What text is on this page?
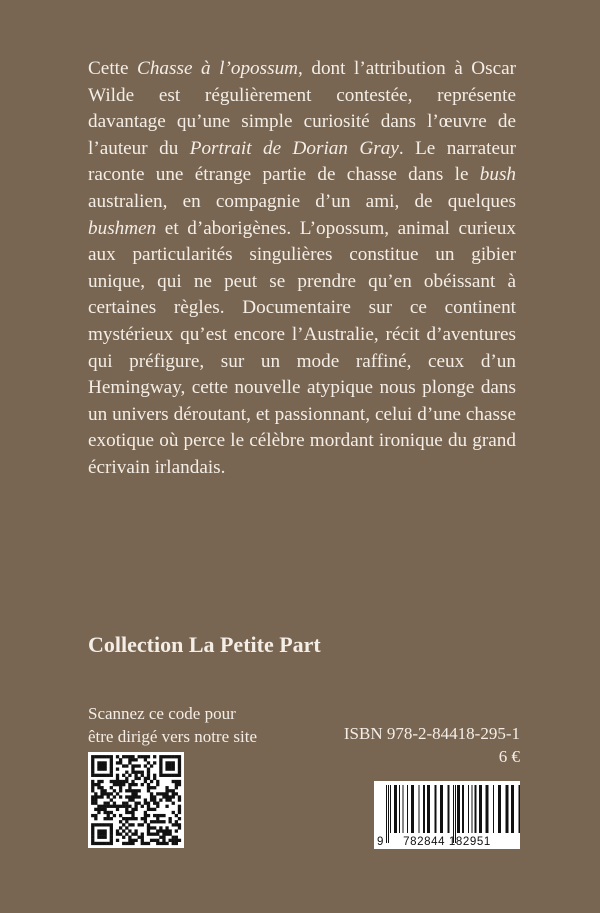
Cette Chasse à l’opossum, dont l’attribution à Oscar Wilde est régulièrement contestée, représente davantage qu’une simple curiosité dans l’œuvre de l’auteur du Portrait de Dorian Gray. Le narrateur raconte une étrange partie de chasse dans le bush australien, en compagnie d’un ami, de quelques bushmen et d’aborigènes. L’opossum, animal curieux aux particularités singulières constitue un gibier unique, qui ne peut se prendre qu’en obéissant à certaines règles. Documentaire sur ce continent mystérieux qu’est encore l’Australie, récit d’aventures qui préfigure, sur un mode raffiné, ceux d’un Hemingway, cette nouvelle atypique nous plonge dans un univers déroutant, et passionnant, celui d’une chasse exotique où perce le célèbre mordant ironique du grand écrivain irlandais.

Collection La Petite Part

Scannez ce code pour
être dirigé vers notre site	ISBN 978-2-84418-295-1
6 €

9 782844 182951
